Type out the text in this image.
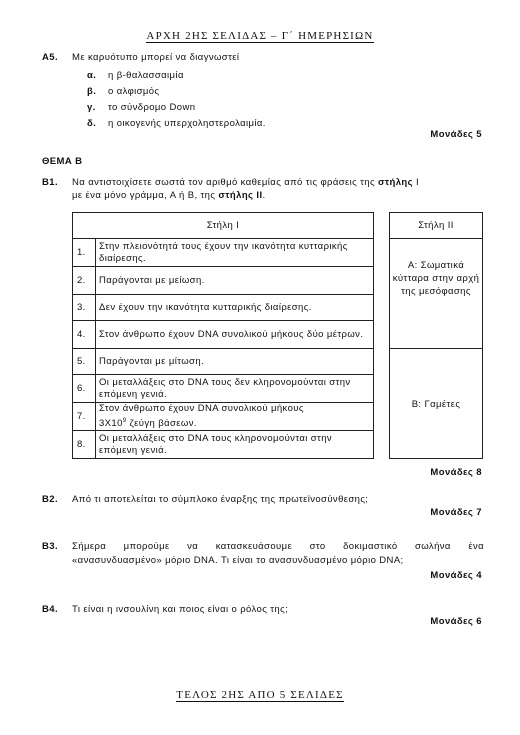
ΑΡΧΗ 2ΗΣ ΣΕΛΙΔΑΣ – Γ΄ ΗΜΕΡΗΣΙΩΝ
Α5. Με καρυότυπο μπορεί να διαγνωστεί
α. η β-θαλασσαιμία
β. ο αλφισμός
γ. το σύνδρομο Down
δ. η οικογενής υπερχοληστερολαιμία.
Μονάδες 5
ΘΕΜΑ Β
Β1. Να αντιστοιχίσετε σωστά τον αριθμό καθεμίας από τις φράσεις της στήλης Ι
με ένα μόνο γράμμα, Α ή Β, της στήλης ΙΙ.
Στήλη Ι	
1.	Στην πλειονότητά τους έχουν την ικανότητα κυτταρικής διαίρεσης.
2.	Παράγονται με μείωση.
3.	Δεν έχουν την ικανότητα κυτταρικής διαίρεσης.
4.	Στον άνθρωπο έχουν DNA συνολικού μήκους δύο μέτρων.
5.	Παράγονται με μίτωση.
6.	Οι μεταλλάξεις στο DNA τους δεν κληρονομούνται στην επόμενη γενιά.
7.	Στον άνθρωπο έχουν DNA συνολικού μήκους
$3X10^9$ ζεύγη βάσεων.
8.	Οι μεταλλάξεις στο DNA τους κληρονομούνται στην επόμενη γενιά.
Στήλη ΙΙ
Α: Σωματικά κύτταρα στην αρχή της μεσόφασης
Β: Γαμέτες
Μονάδες 8
Β2. Από τι αποτελείται το σύμπλοκο έναρξης της πρωτεϊνοσύνθεσης;
Μονάδες 7
Β3. Σήμερα μπορούμε να κατασκευάσουμε στο δοκιμαστικό σωλήνα ένα
«ανασυνδυασμένο» μόριο DNA. Τι είναι το ανασυνδυασμένο μόριο DNA;
Μονάδες 4
Β4. Τι είναι η ινσουλίνη και ποιος είναι ο ρόλος της;
Μονάδες 6
ΤΕΛΟΣ 2ΗΣ ΑΠΟ 5 ΣΕΛΙΔΕΣ
